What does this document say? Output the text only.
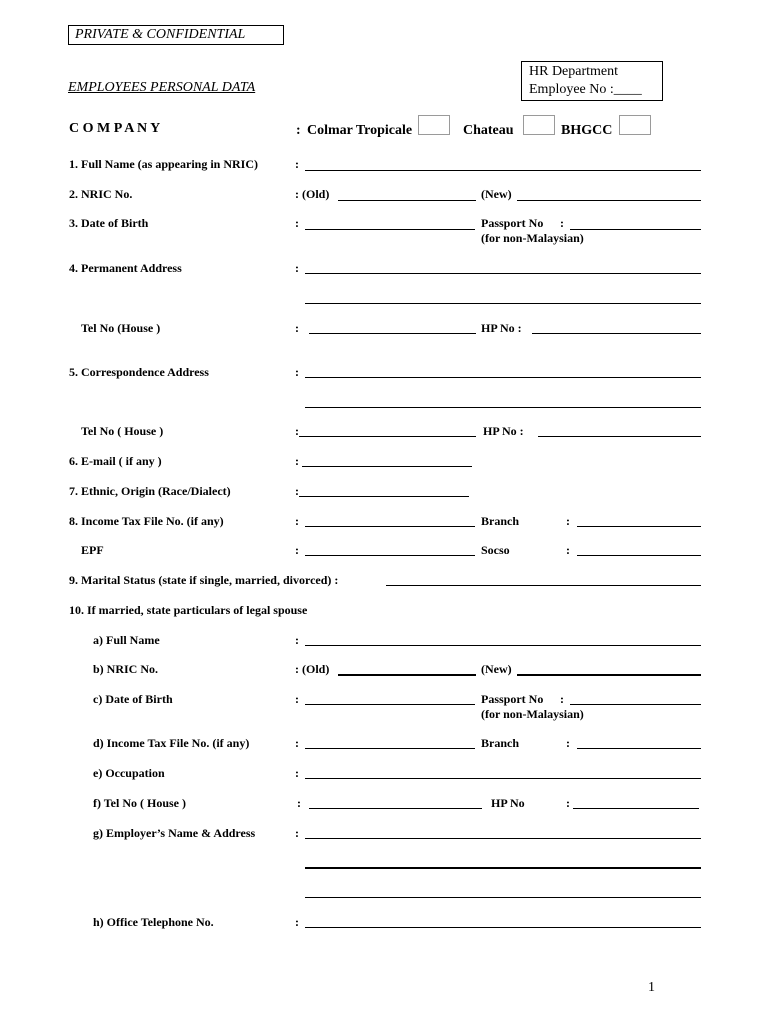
PRIVATE & CONFIDENTIAL
EMPLOYEES PERSONAL DATA
HR Department
Employee No :____
C O M P A N Y	: Colmar Tropicale	Chateau	BHGCC
1. Full Name (as appearing in NRIC)	:
2. NRIC No.	: (Old)	(New)
3. Date of Birth	:	Passport No :
(for non-Malaysian)
4. Permanent Address	:
Tel No (House )	:	HP No :
5. Correspondence Address	:
Tel No ( House )	:	HP No :
6. E-mail ( if any )	:
7. Ethnic, Origin (Race/Dialect)	:
8. Income Tax File No. (if any)	:	Branch	:
EPF	:	Socso	:
9. Marital Status (state if single, married, divorced) :
10. If married, state particulars of legal spouse
a) Full Name	:
b) NRIC No.	: (Old)	(New)
c) Date of Birth	:	Passport No :
(for non-Malaysian)
d) Income Tax File No. (if any)	:	Branch	:
e) Occupation	:
f) Tel No ( House )	:	HP No	:
g) Employer’s Name & Address	:
h) Office Telephone No.	:
1
